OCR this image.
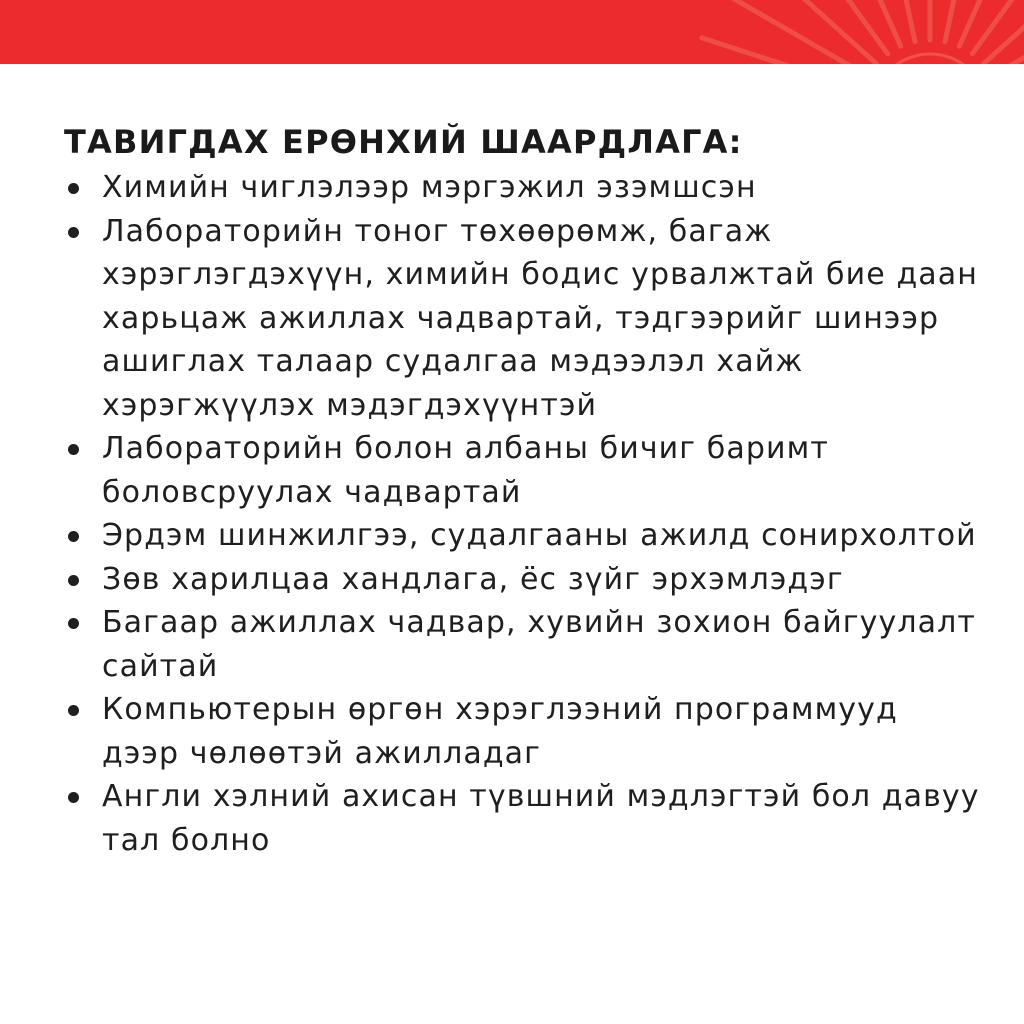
ТАВИГДАХ ЕРӨНХИЙ ШААРДЛАГА:
Химийн чиглэлээр мэргэжил эзэмшсэн
Лабораторийн тоног төхөөрөмж, багаж хэрэглэгдэхүүн, химийн бодис урвалжтай бие даан харьцаж ажиллах чадвартай, тэдгээрийг шинээр ашиглах талаар судалгаа мэдээлэл хайж хэрэгжүүлэх мэдэгдэхүүнтэй
Лабораторийн болон албаны бичиг баримт боловсруулах чадвартай
Эрдэм шинжилгээ, судалгааны ажилд сонирхолтой
Зөв харилцаа хандлага, ёс зүйг эрхэмлэдэг
Багаар ажиллах чадвар, хувийн зохион байгуулалт сайтай
Компьютерын өргөн хэрэглээний программууд дээр чөлөөтэй ажилладаг
Англи хэлний ахисан түвшний мэдлэгтэй бол давуу тал болно
